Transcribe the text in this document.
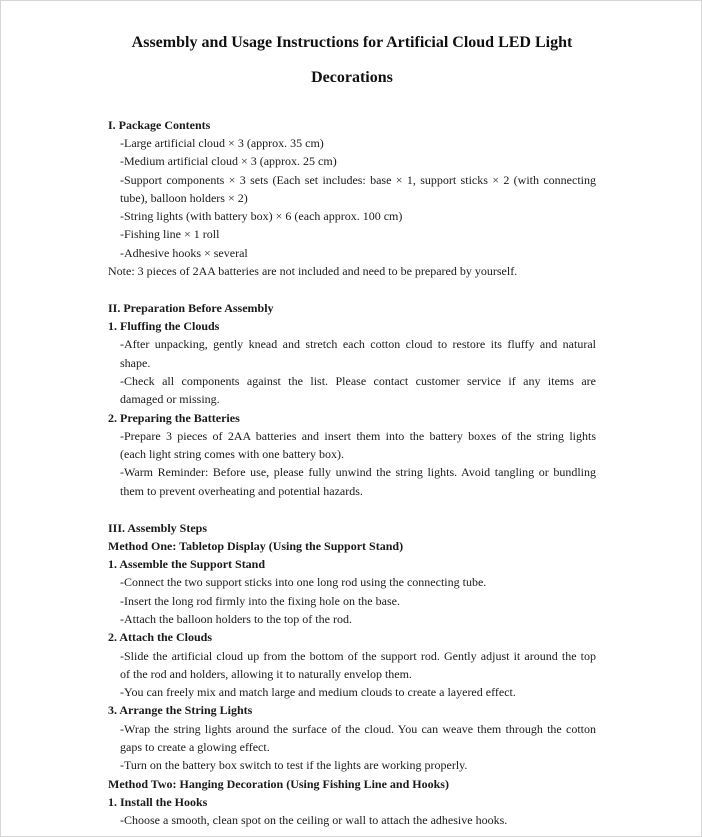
Assembly and Usage Instructions for Artificial Cloud LED Light
Decorations
I. Package Contents
-Large artificial cloud × 3 (approx. 35 cm)
-Medium artificial cloud × 3 (approx. 25 cm)
-Support components × 3 sets (Each set includes: base × 1, support sticks × 2 (with connecting
tube), balloon holders × 2)
-String lights (with battery box) × 6 (each approx. 100 cm)
-Fishing line × 1 roll
-Adhesive hooks × several
Note: 3 pieces of 2AA batteries are not included and need to be prepared by yourself.
II. Preparation Before Assembly
1. Fluffing the Clouds
-After unpacking, gently knead and stretch each cotton cloud to restore its fluffy and natural
shape.
-Check all components against the list. Please contact customer service if any items are
damaged or missing.
2. Preparing the Batteries
-Prepare 3 pieces of 2AA batteries and insert them into the battery boxes of the string lights
(each light string comes with one battery box).
-Warm Reminder: Before use, please fully unwind the string lights. Avoid tangling or bundling
them to prevent overheating and potential hazards.
III. Assembly Steps
Method One: Tabletop Display (Using the Support Stand)
1. Assemble the Support Stand
-Connect the two support sticks into one long rod using the connecting tube.
-Insert the long rod firmly into the fixing hole on the base.
-Attach the balloon holders to the top of the rod.
2. Attach the Clouds
-Slide the artificial cloud up from the bottom of the support rod. Gently adjust it around the top
of the rod and holders, allowing it to naturally envelop them.
-You can freely mix and match large and medium clouds to create a layered effect.
3. Arrange the String Lights
-Wrap the string lights around the surface of the cloud. You can weave them through the cotton
gaps to create a glowing effect.
-Turn on the battery box switch to test if the lights are working properly.
Method Two: Hanging Decoration (Using Fishing Line and Hooks)
1. Install the Hooks
-Choose a smooth, clean spot on the ceiling or wall to attach the adhesive hooks.
